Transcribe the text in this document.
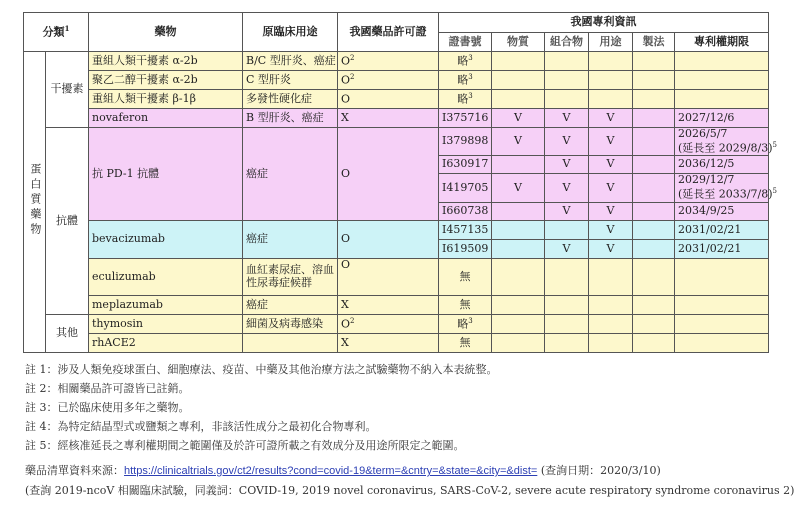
分類$^1$		藥物	原臨床用途	我國藥品許可證	我國專利資訊					
					證書號	物質	組合物	用途	製法	專利權期限
蛋白質藥物	干擾素	重組人類干擾素 α-2b	B/C 型肝炎、癌症	$O^2$	略$^3$					
		聚乙二醇干擾素 α-2b	C 型肝炎	$O^2$	略$^3$					
		重組人類干擾素 β-1β	多發性硬化症	O	略$^3$					
		novaferon	B 型肝炎、癌症	X	I375716	V	V	V		2027/12/6
	抗體	抗 PD-1 抗體	癌症	O	I379898	V	V	V		2026/5/7
(延長至 2029/8/3)$^5$

					I630917		V	V		2036/12/5
					I419705	V	V	V		2029/12/7
(延長至 2033/7/8)$^5$

					I660738		V	V		2034/9/25
		bevacizumab	癌症	O	I457135			V		2031/02/21
					I619509		V	V		2031/02/21
		eculizumab	血紅素尿症、溶血性尿毒症候群	O	無					
		meplazumab	癌症	X	無					
	其他	thymosin	細菌及病毒感染	$O^2$	略$^3$					
		rhACE2		X	無					
註 1：涉及人類免疫球蛋白、細胞療法、疫苗、中藥及其他治療方法之試驗藥物不納入本表統整。
註 2：相關藥品許可證皆已註銷。
註 3：已於臨床使用多年之藥物。
註 4：為特定結晶型式或鹽類之專利，非該活性成分之最初化合物專利。
註 5：經核准延長之專利權期間之範圍僅及於許可證所載之有效成分及用途所限定之範圍。
藥品清單資料來源：https://clinicaltrials.gov/ct2/results?cond=covid-19&term=&cntry=&state=&city=&dist= (查詢日期：2020/3/10)
(查詢 2019-ncoV 相關臨床試驗，同義詞：COVID-19, 2019 novel coronavirus, SARS-CoV-2, severe acute respiratory syndrome coronavirus 2)
